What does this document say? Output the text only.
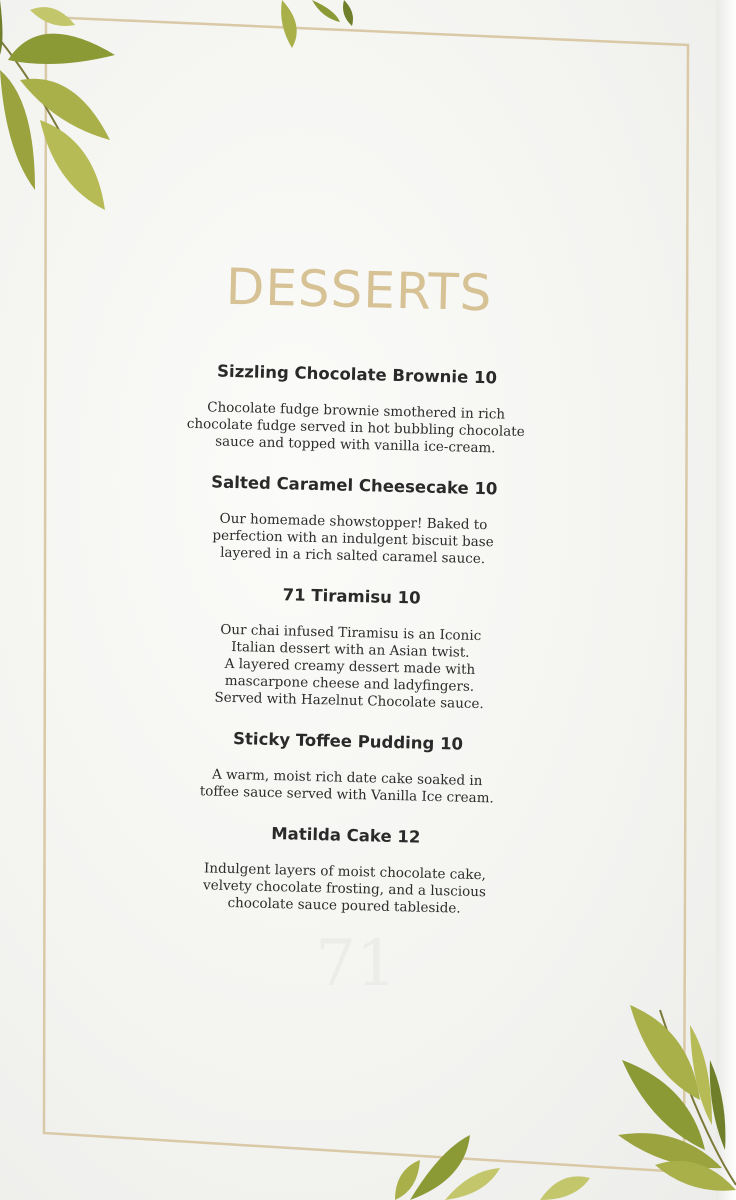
71
DESSERTS
Sizzling Chocolate Brownie 10
Chocolate fudge brownie smothered in rich
chocolate fudge served in hot bubbling chocolate
sauce and topped with vanilla ice-cream.
Salted Caramel Cheesecake 10
Our homemade showstopper! Baked to
perfection with an indulgent biscuit base
layered in a rich salted caramel sauce.
71 Tiramisu 10
Our chai infused Tiramisu is an Iconic
Italian dessert with an Asian twist.
A layered creamy dessert made with
mascarpone cheese and ladyfingers.
Served with Hazelnut Chocolate sauce.
Sticky Toffee Pudding 10
A warm, moist rich date cake soaked in
toffee sauce served with Vanilla Ice cream.
Matilda Cake 12
Indulgent layers of moist chocolate cake,
velvety chocolate frosting, and a luscious
chocolate sauce poured tableside.
